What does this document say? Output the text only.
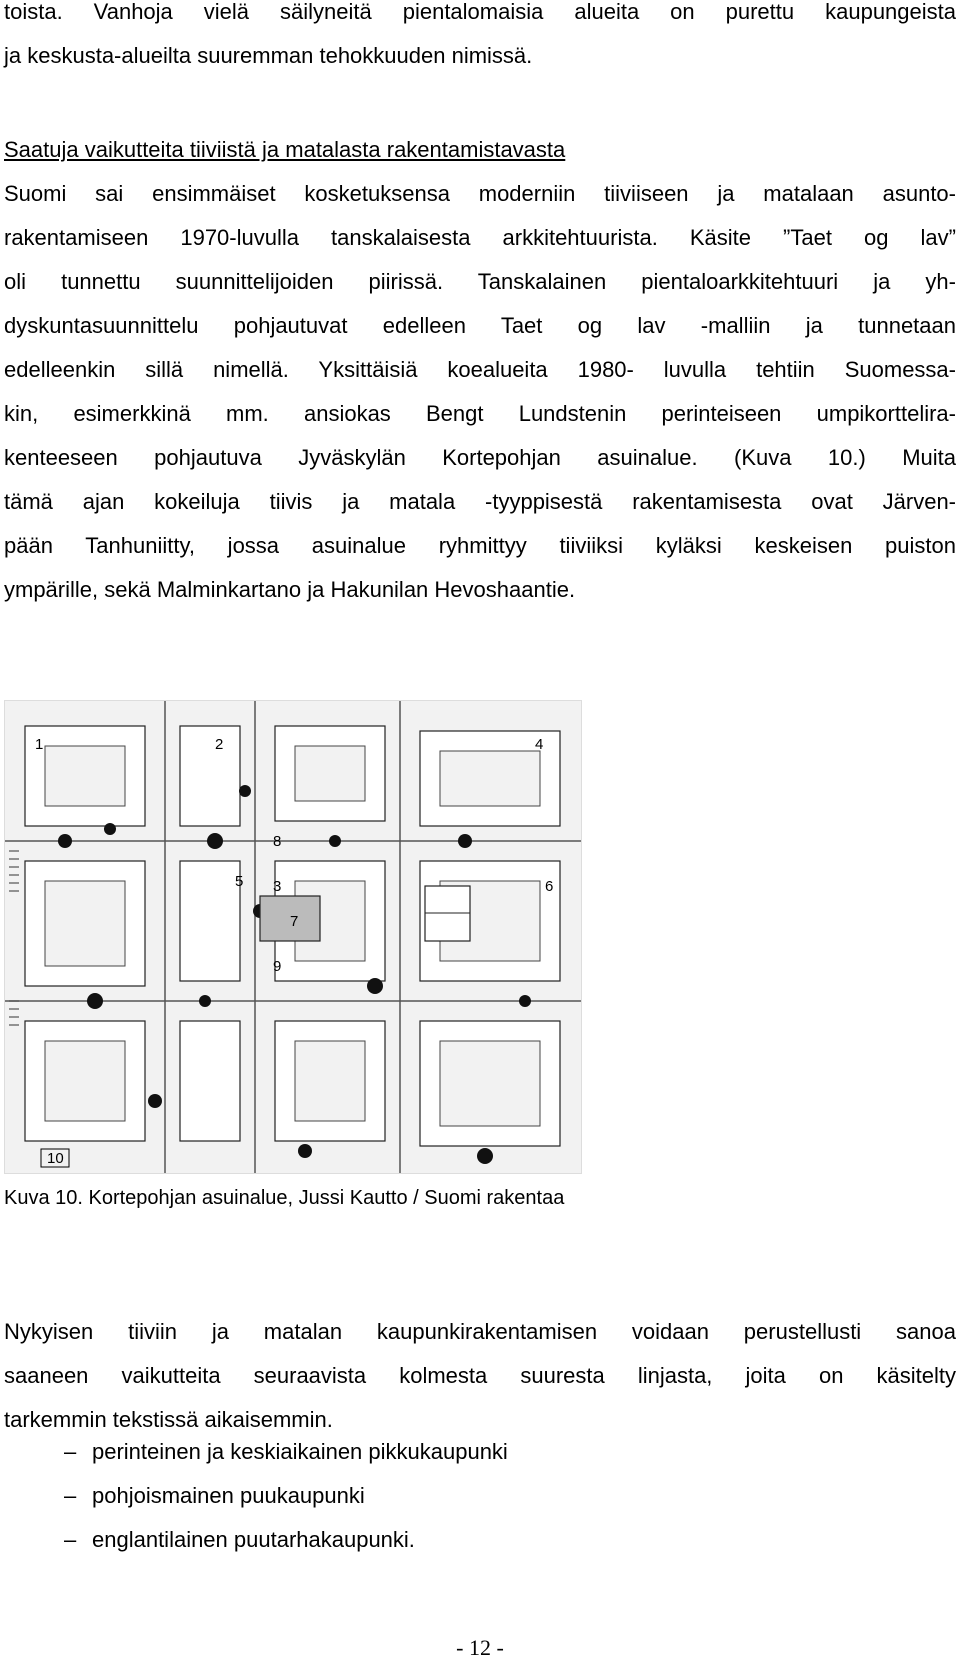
toista. Vanhoja vielä säilyneitä pientalomaisia alueita on purettu kaupungeista
ja keskusta-alueilta suuremman tehokkuuden nimissä.

Saatuja vaikutteita tiiviistä ja matalasta rakentamistavasta
Suomi sai ensimmäiset kosketuksensa moderniin tiiviiseen ja matalaan asunto-
rakentamiseen 1970-luvulla tanskalaisesta arkkitehtuurista. Käsite ”Taet og lav”
oli tunnettu suunnittelijoiden piirissä. Tanskalainen pientaloarkkitehtuuri ja yh-
dyskuntasuunnittelu pohjautuvat edelleen Taet og lav -malliin ja tunnetaan
edelleenkin sillä nimellä. Yksittäisiä koealueita 1980- luvulla tehtiin Suomessa-
kin, esimerkkinä mm. ansiokas Bengt Lundstenin perinteiseen umpikorttelira-
kenteeseen pohjautuva Jyväskylän Kortepohjan asuinalue. (Kuva 10.) Muita
tämä ajan kokeiluja tiivis ja matala -tyyppisestä rakentamisesta ovat Järven-
pään Tanhuniitty, jossa asuinalue ryhmittyy tiiviiksi kyläksi keskeisen puiston
ympärille, sekä Malminkartano ja Hakunilan Hevoshaantie.

1	2
3
4
5	6
7
8
9
10

Kuva 10. Kortepohjan asuinalue, Jussi Kautto / Suomi rakentaa

Nykyisen tiiviin ja matalan kaupunkirakentamisen voidaan perustellusti sanoa
saaneen vaikutteita seuraavista kolmesta suuresta linjasta, joita on käsitelty
tarkemmin tekstissä aikaisemmin.

– perinteinen ja keskiaikainen pikkukaupunki
– pohjoismainen puukaupunki
– englantilainen puutarhakaupunki.
- 12 -
